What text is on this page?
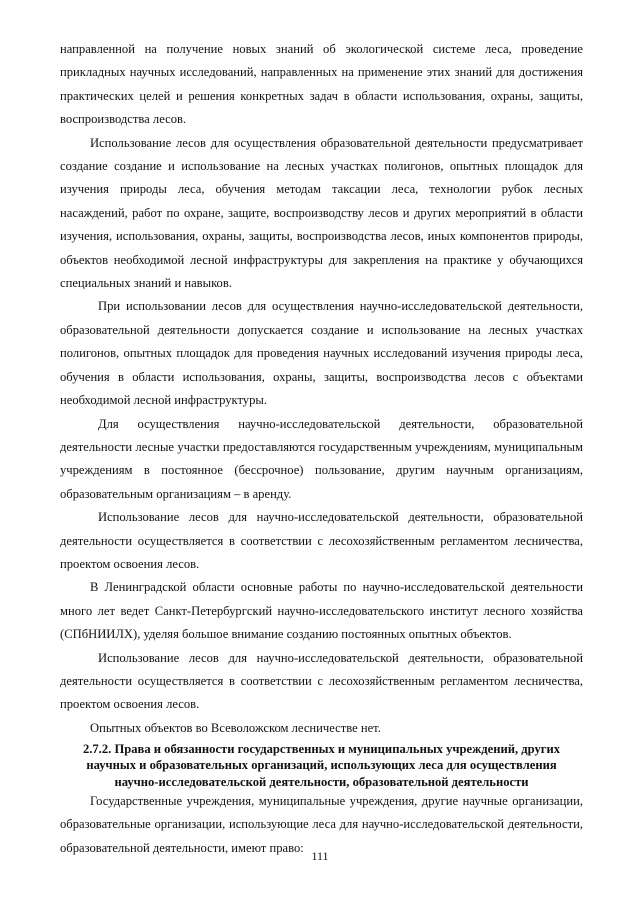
направленной на получение новых знаний об экологической системе леса, проведение прикладных научных исследований, направленных на применение этих знаний для достижения практических целей и решения конкретных задач в области использования, охраны, защиты, воспроизводства лесов.

Использование лесов для осуществления образовательной деятельности предусматривает создание создание и использование на лесных участках полигонов, опытных площадок для изучения природы леса, обучения методам таксации леса, технологии рубок лесных насаждений, работ по охране, защите, воспроизводству лесов и других мероприятий в области изучения, использования, охраны, защиты, воспроизводства лесов, иных компонентов природы, объектов необходимой лесной инфраструктуры для закрепления на практике у обучающихся специальных знаний и навыков.

При использовании лесов для осуществления научно-исследовательской деятельности, образовательной деятельности допускается создание и использование на лесных участках полигонов, опытных площадок для проведения научных исследований изучения природы леса, обучения в области использования, охраны, защиты, воспроизводства лесов с объектами необходимой лесной инфраструктуры.

Для осуществления научно-исследовательской деятельности, образовательной деятельности лесные участки предоставляются государственным учреждениям, муниципальным учреждениям в постоянное (бессрочное) пользование, другим научным организациям, образовательным организациям – в аренду.

Использование лесов для научно-исследовательской деятельности, образовательной деятельности осуществляется в соответствии с лесохозяйственным регламентом лесничества, проектом освоения лесов.

В Ленинградской области основные работы по научно-исследовательской деятельности много лет ведет Санкт-Петербургский научно-исследовательского институт лесного хозяйства (СПбНИИЛХ), уделяя большое внимание созданию постоянных опытных объектов.

Использование лесов для научно-исследовательской деятельности, образовательной деятельности осуществляется в соответствии с лесохозяйственным регламентом лесничества, проектом освоения лесов.

Опытных объектов во Всеволожском лесничестве нет.

2.7.2. Права и обязанности государственных и муниципальных учреждений, других научных и образовательных организаций, использующих леса для осуществления научно-исследовательской деятельности, образовательной деятельности

Государственные учреждения, муниципальные учреждения, другие научные организации, образовательные организации, использующие леса для научно-исследовательской деятельности, образовательной деятельности, имеют право:

111
